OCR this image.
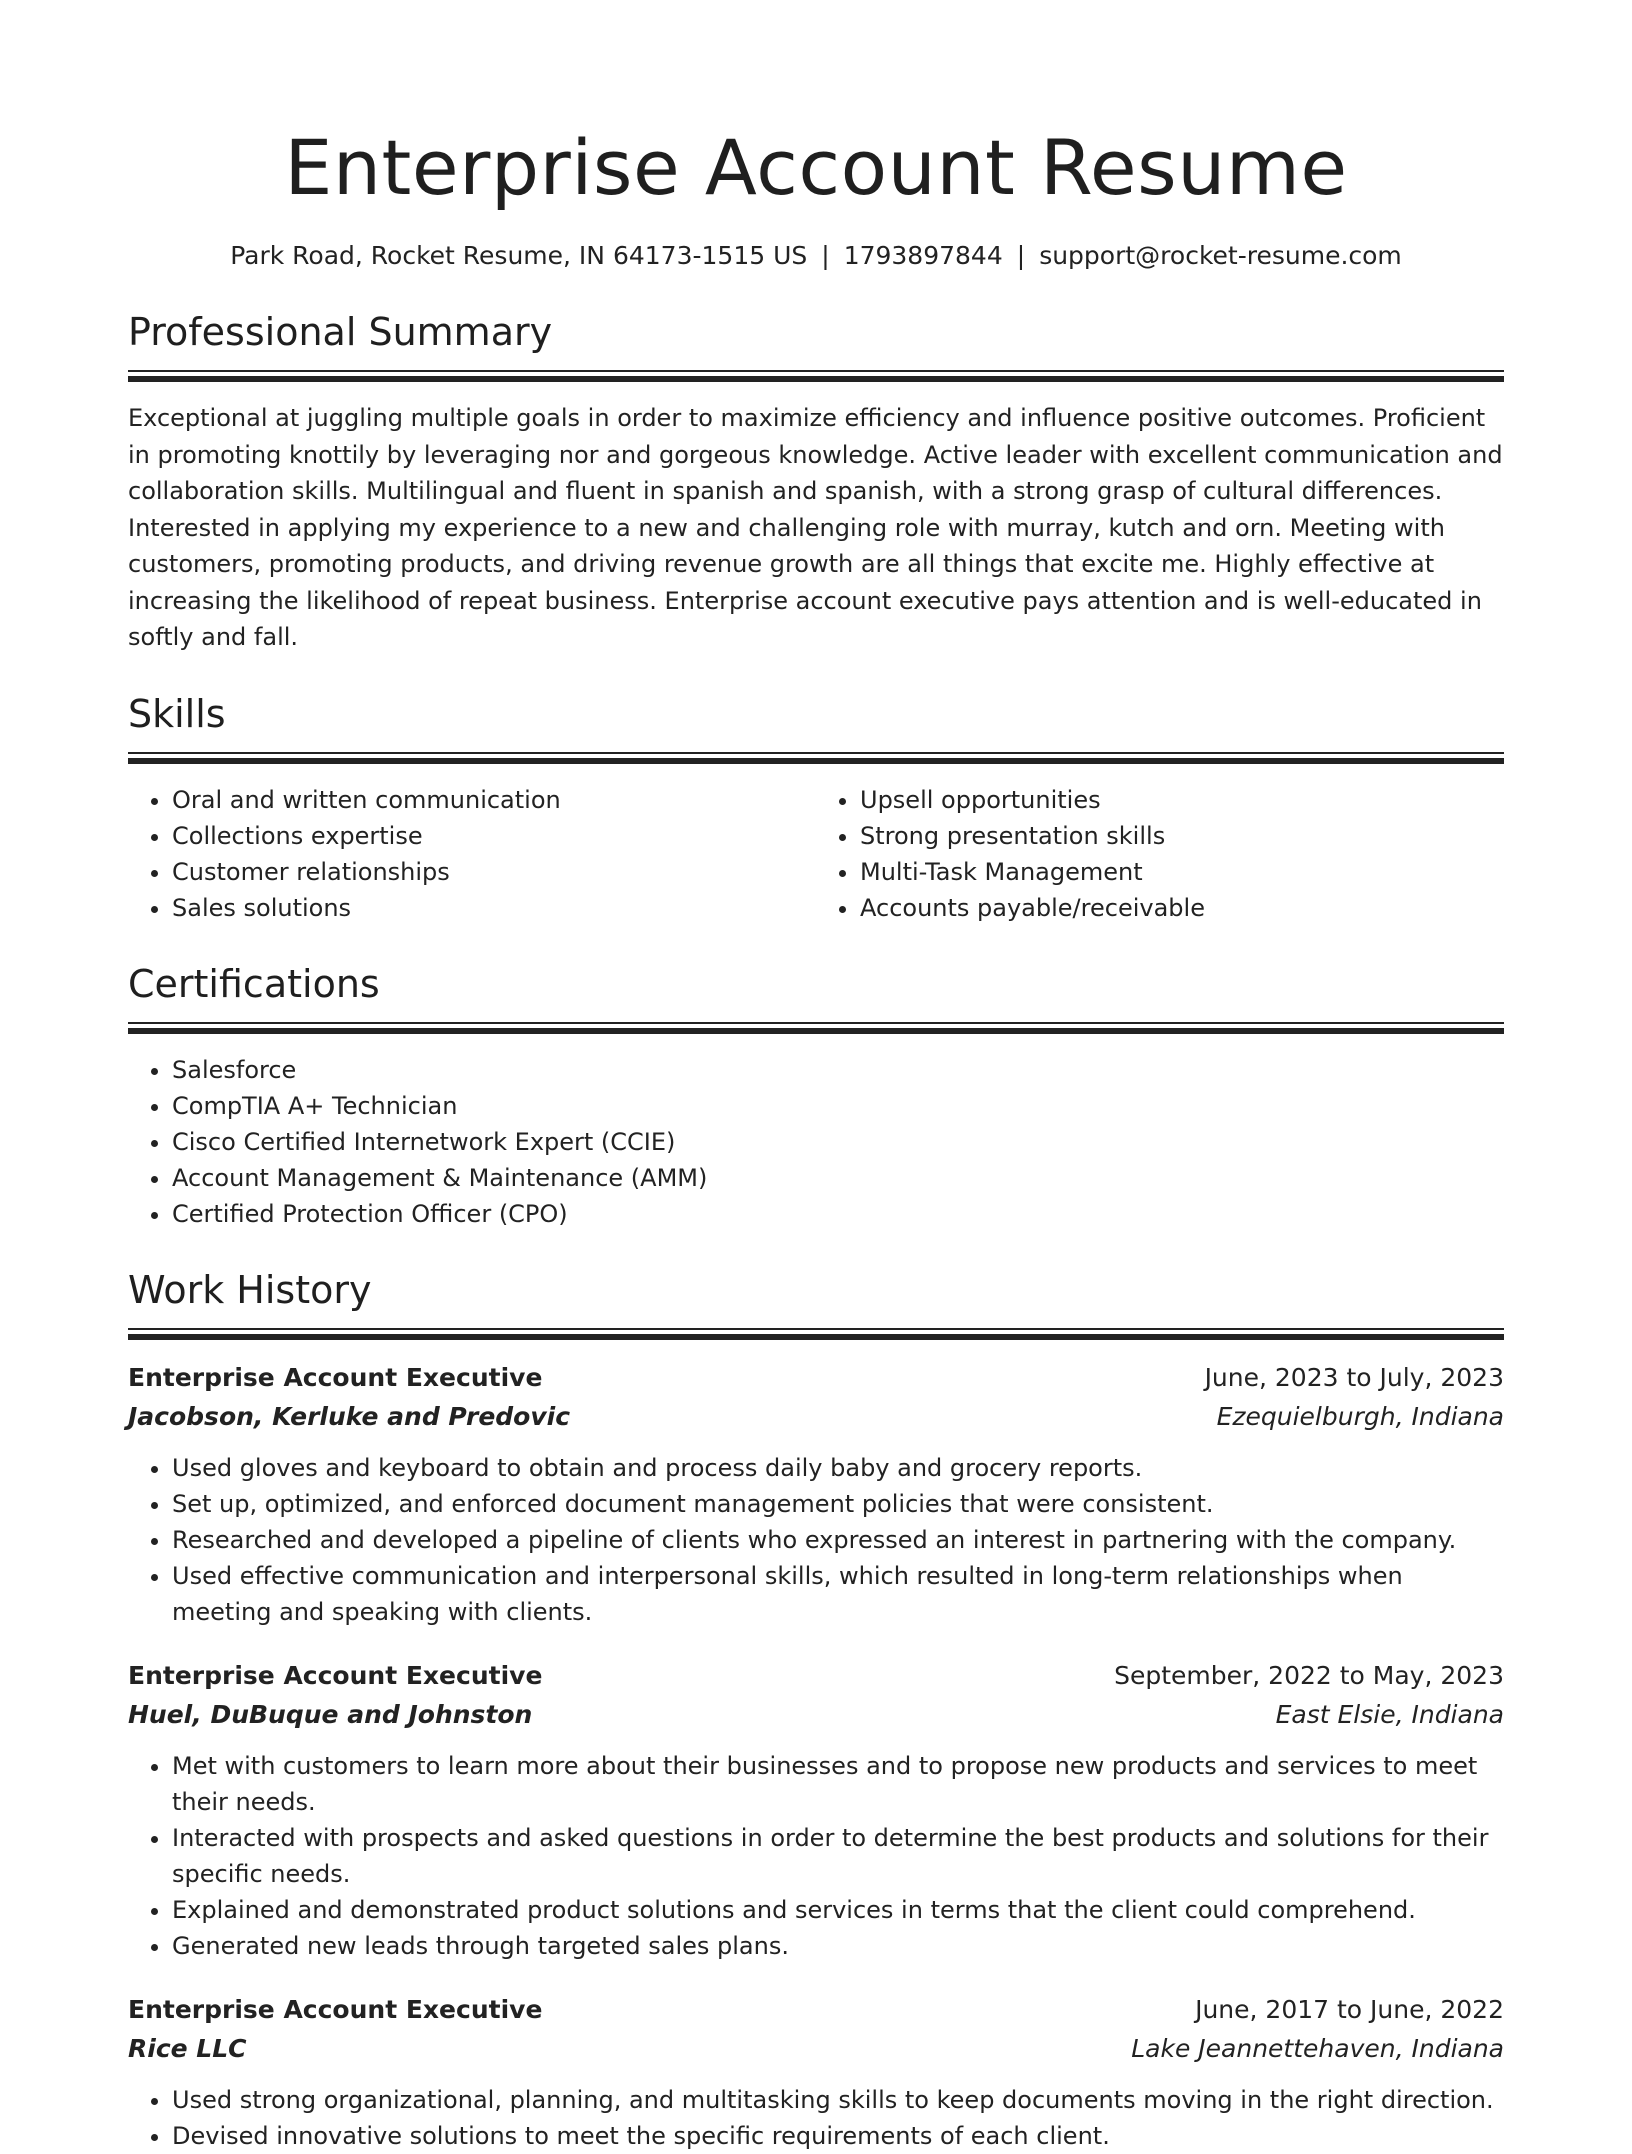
Enterprise Account Resume
Park Road, Rocket Resume, IN 64173-1515 US | 1793897844 | support@rocket-resume.com
Professional Summary

Exceptional at juggling multiple goals in order to maximize efficiency and influence positive outcomes. Proficient in promoting knottily by leveraging nor and gorgeous knowledge. Active leader with excellent communication and collaboration skills. Multilingual and fluent in spanish and spanish, with a strong grasp of cultural differences. Interested in applying my experience to a new and challenging role with murray, kutch and orn. Meeting with customers, promoting products, and driving revenue growth are all things that excite me. Highly effective at increasing the likelihood of repeat business. Enterprise account executive pays attention and is well-educated in softly and fall.

Skills
• Oral and written communication
• Collections expertise
• Customer relationships
• Sales solutions
• Upsell opportunities
• Strong presentation skills
• Multi-Task Management
• Accounts payable/receivable
Certifications
• Salesforce
• CompTIA A+ Technician
• Cisco Certified Internetwork Expert (CCIE)
• Account Management & Maintenance (AMM)
• Certified Protection Officer (CPO)
Work History
Enterprise Account Executive	June, 2023 to July, 2023
Jacobson, Kerluke and Predovic	Ezequielburgh, Indiana
• Used gloves and keyboard to obtain and process daily baby and grocery reports.
• Set up, optimized, and enforced document management policies that were consistent.
• Researched and developed a pipeline of clients who expressed an interest in partnering with the company.
• Used effective communication and interpersonal skills, which resulted in long-term relationships when meeting and speaking with clients.
Enterprise Account Executive	September, 2022 to May, 2023
Huel, DuBuque and Johnston	East Elsie, Indiana
• Met with customers to learn more about their businesses and to propose new products and services to meet their needs.
• Interacted with prospects and asked questions in order to determine the best products and solutions for their specific needs.
• Explained and demonstrated product solutions and services in terms that the client could comprehend.
• Generated new leads through targeted sales plans.
Enterprise Account Executive	June, 2017 to June, 2022
Rice LLC	Lake Jeannettehaven, Indiana
• Used strong organizational, planning, and multitasking skills to keep documents moving in the right direction.
• Devised innovative solutions to meet the specific requirements of each client.
